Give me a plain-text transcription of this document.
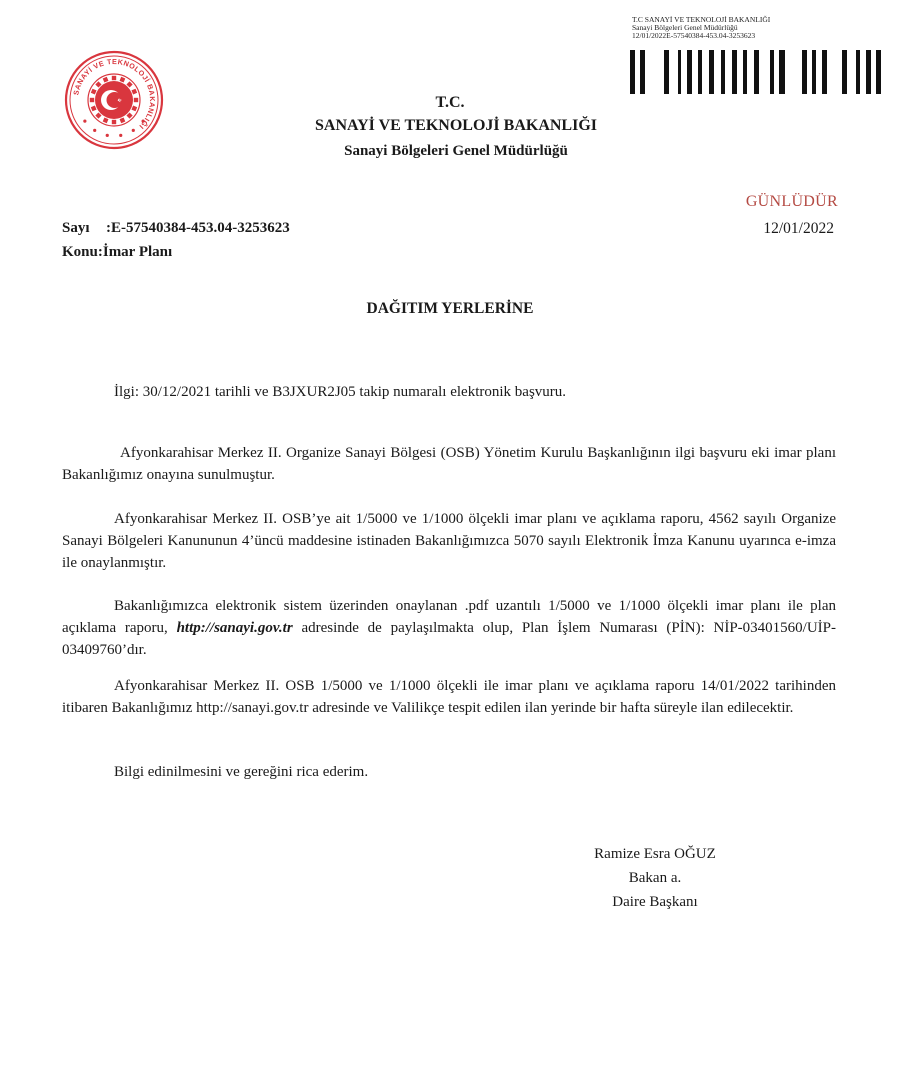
SANAYİ VE TEKNOLOJİ BAKANLIĞI
T.C SANAYİ VE TEKNOLOJİ BAKANLIĞI
Sanayi Bölgeleri Genel Müdürlüğü
12/01/2022E-57540384-453.04-3253623
T.C.
SANAYİ VE TEKNOLOJİ BAKANLIĞI
Sanayi Bölgeleri Genel Müdürlüğü
GÜNLÜDÜR
12/01/2022
Sayı :E-57540384-453.04-3253623
Konu:İmar Planı
DAĞITIM YERLERİNE

İlgi: 30/12/2021 tarihli ve B3JXUR2J05 takip numaralı elektronik başvuru.

Afyonkarahisar Merkez II. Organize Sanayi Bölgesi (OSB) Yönetim Kurulu Başkanlığının ilgi başvuru eki imar planı Bakanlığımız onayına sunulmuştur.

Afyonkarahisar Merkez II. OSB’ye ait 1/5000 ve 1/1000 ölçekli imar planı ve açıklama raporu, 4562 sayılı Organize Sanayi Bölgeleri Kanununun 4’üncü maddesine istinaden Bakanlığımızca 5070 sayılı Elektronik İmza Kanunu uyarınca e-imza ile onaylanmıştır.

Bakanlığımızca elektronik sistem üzerinden onaylanan .pdf uzantılı 1/5000 ve 1/1000 ölçekli imar planı ile plan açıklama raporu, http://sanayi.gov.tr adresinde de paylaşılmakta olup, Plan İşlem Numarası (PİN): NİP-03401560/UİP-03409760’dır.

Afyonkarahisar Merkez II. OSB 1/5000 ve 1/1000 ölçekli ile imar planı ve açıklama raporu 14/01/2022 tarihinden itibaren Bakanlığımız http://sanayi.gov.tr adresinde ve Valilikçe tespit edilen ilan yerinde bir hafta süreyle ilan edilecektir.

Bilgi edinilmesini ve gereğini rica ederim.

Ramize Esra OĞUZ
Bakan a.
Daire Başkanı
